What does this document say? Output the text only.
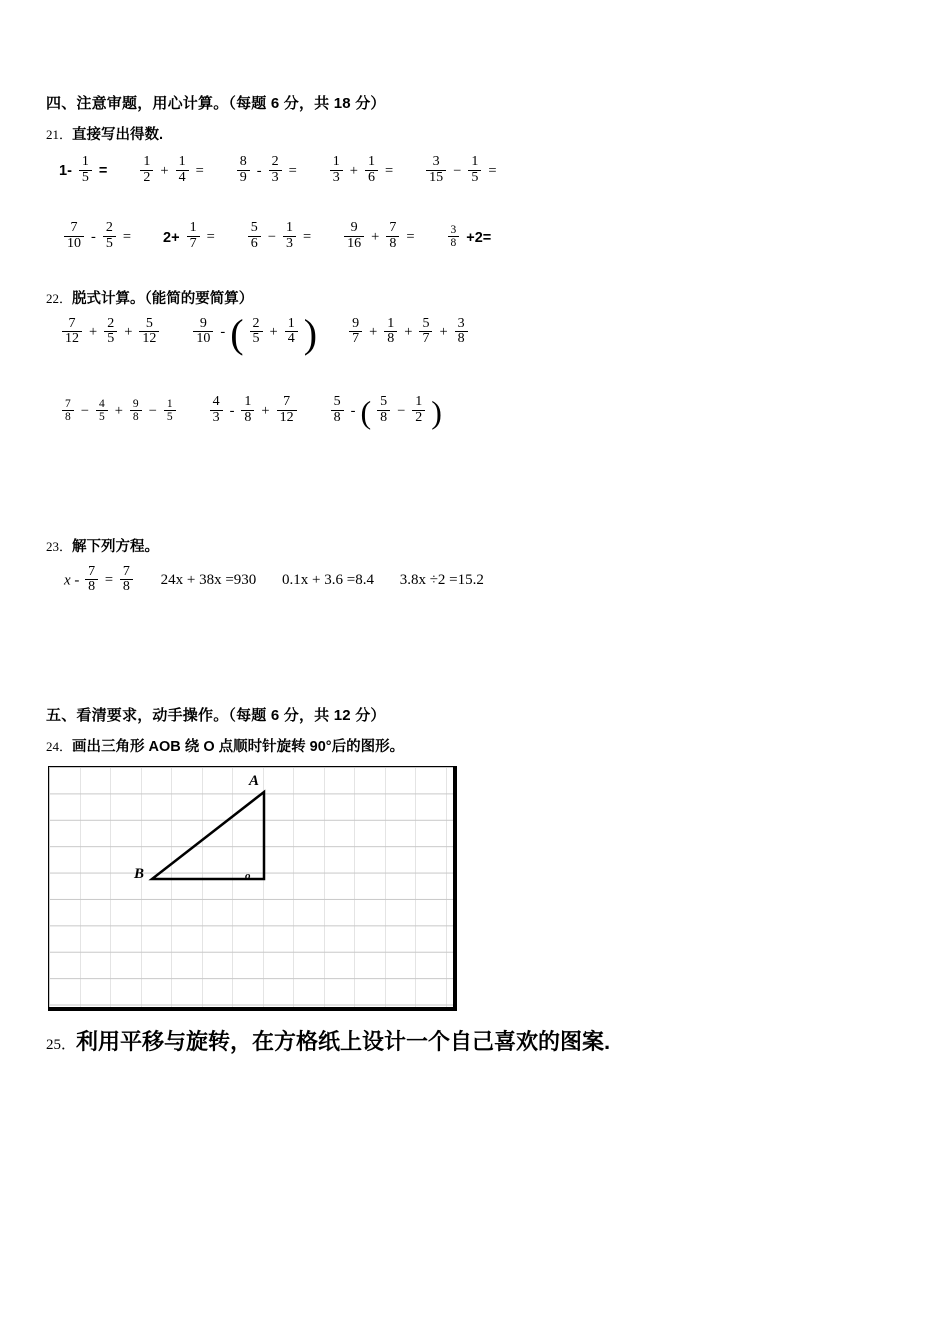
四、注意审题，用心计算。（每题 6 分，共 18 分）
21．直接写出得数.
$1- \frac{1}{5} = \frac{1}{2} + \frac{1}{4} = \frac{8}{9} - \frac{2}{3} = \frac{1}{3} + \frac{1}{6} = \frac{3}{15} - \frac{1}{5}$ =
$\frac{7}{10} - \frac{2}{5} = 2+ \frac{1}{7} = \frac{5}{6} - \frac{1}{3} = \frac{9}{16} + \frac{7}{8}$ =	$\frac{3}{8} +2=$
22．脱式计算。（能简的要简算）
$\frac{7}{12} + \frac{2}{5} + \frac{5}{12}$
$\frac{9}{10}$ - ( $\frac{2}{5} + \frac{1}{4}$ ) $\frac{9}{7} + \frac{1}{8} + \frac{5}{7} + \frac{3}{8}$
$\frac{7}{8} - \frac{4}{5} + \frac{9}{8} - \frac{1}{5}$
$\frac{4}{3} - \frac{1}{8} + \frac{7}{12}$
$\frac{5}{8}$ - ( $\frac{5}{8} - \frac{1}{2}$ )
23．解下列方程。
$x - \frac{7}{8} = \frac{7}{8} 24x + 38x =930$ 0.1x + 3.6 =8.4 3.8x ÷2 =15.2
五、看清要求，动手操作。（每题 6 分，共 12 分）
24．画出三角形 AOB 绕 O 点顺时针旋转 90°后的图形。
A
B	o
25．利用平移与旋转，在方格纸上设计一个自己喜欢的图案.
